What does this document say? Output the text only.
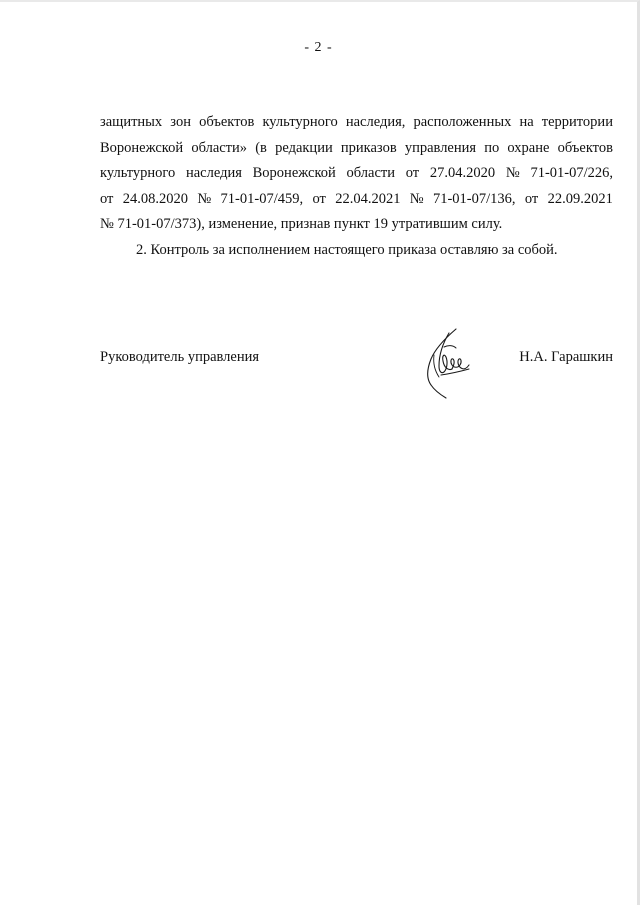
- 2 -
защитных зон объектов культурного наследия, расположенных на территории
Воронежской области» (в редакции приказов управления по охране объектов
культурного наследия Воронежской области от 27.04.2020 № 71-01-07/226,
от 24.08.2020 № 71-01-07/459, от 22.04.2021 № 71-01-07/136, от 22.09.2021
№ 71-01-07/373), изменение, признав пункт 19 утратившим силу.
2. Контроль за исполнением настоящего приказа оставляю за собой.
Руководитель управления	Н.А. Гарашкин
